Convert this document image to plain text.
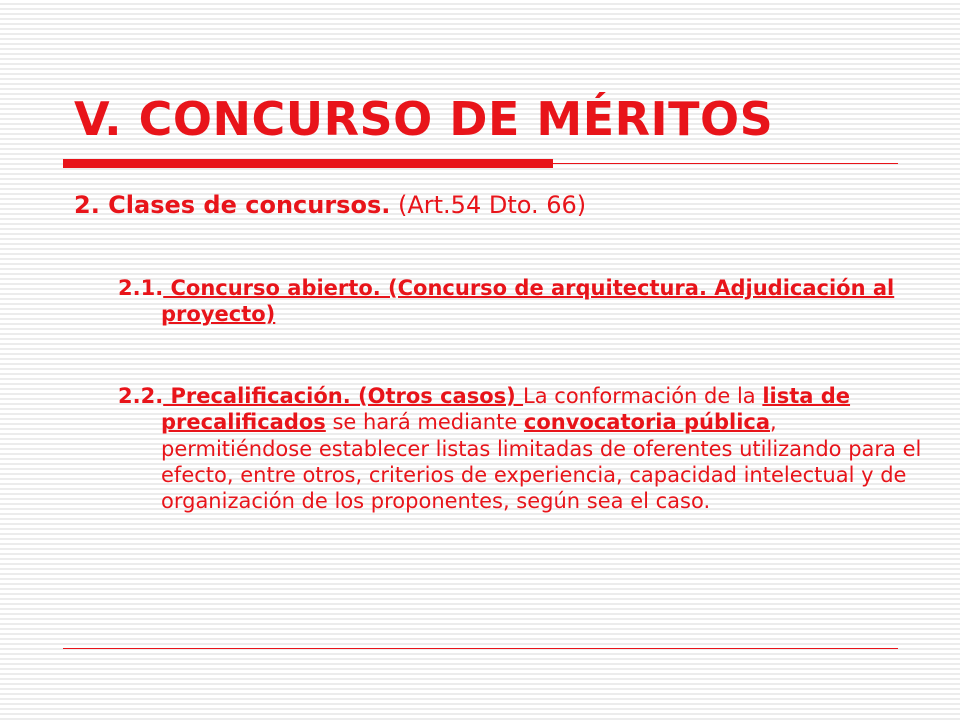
V. CONCURSO DE MÉRITOS
2. Clases de concursos. (Art.54 Dto. 66)

2.1. Concurso abierto. (Concurso de arquitectura. Adjudicación al proyecto)

2.2. Precalificación. (Otros casos) La conformación de la lista de precalificados se hará mediante convocatoria pública, permitiéndose establecer listas limitadas de oferentes utilizando para el efecto, entre otros, criterios de experiencia, capacidad intelectual y de organización de los proponentes, según sea el caso.
